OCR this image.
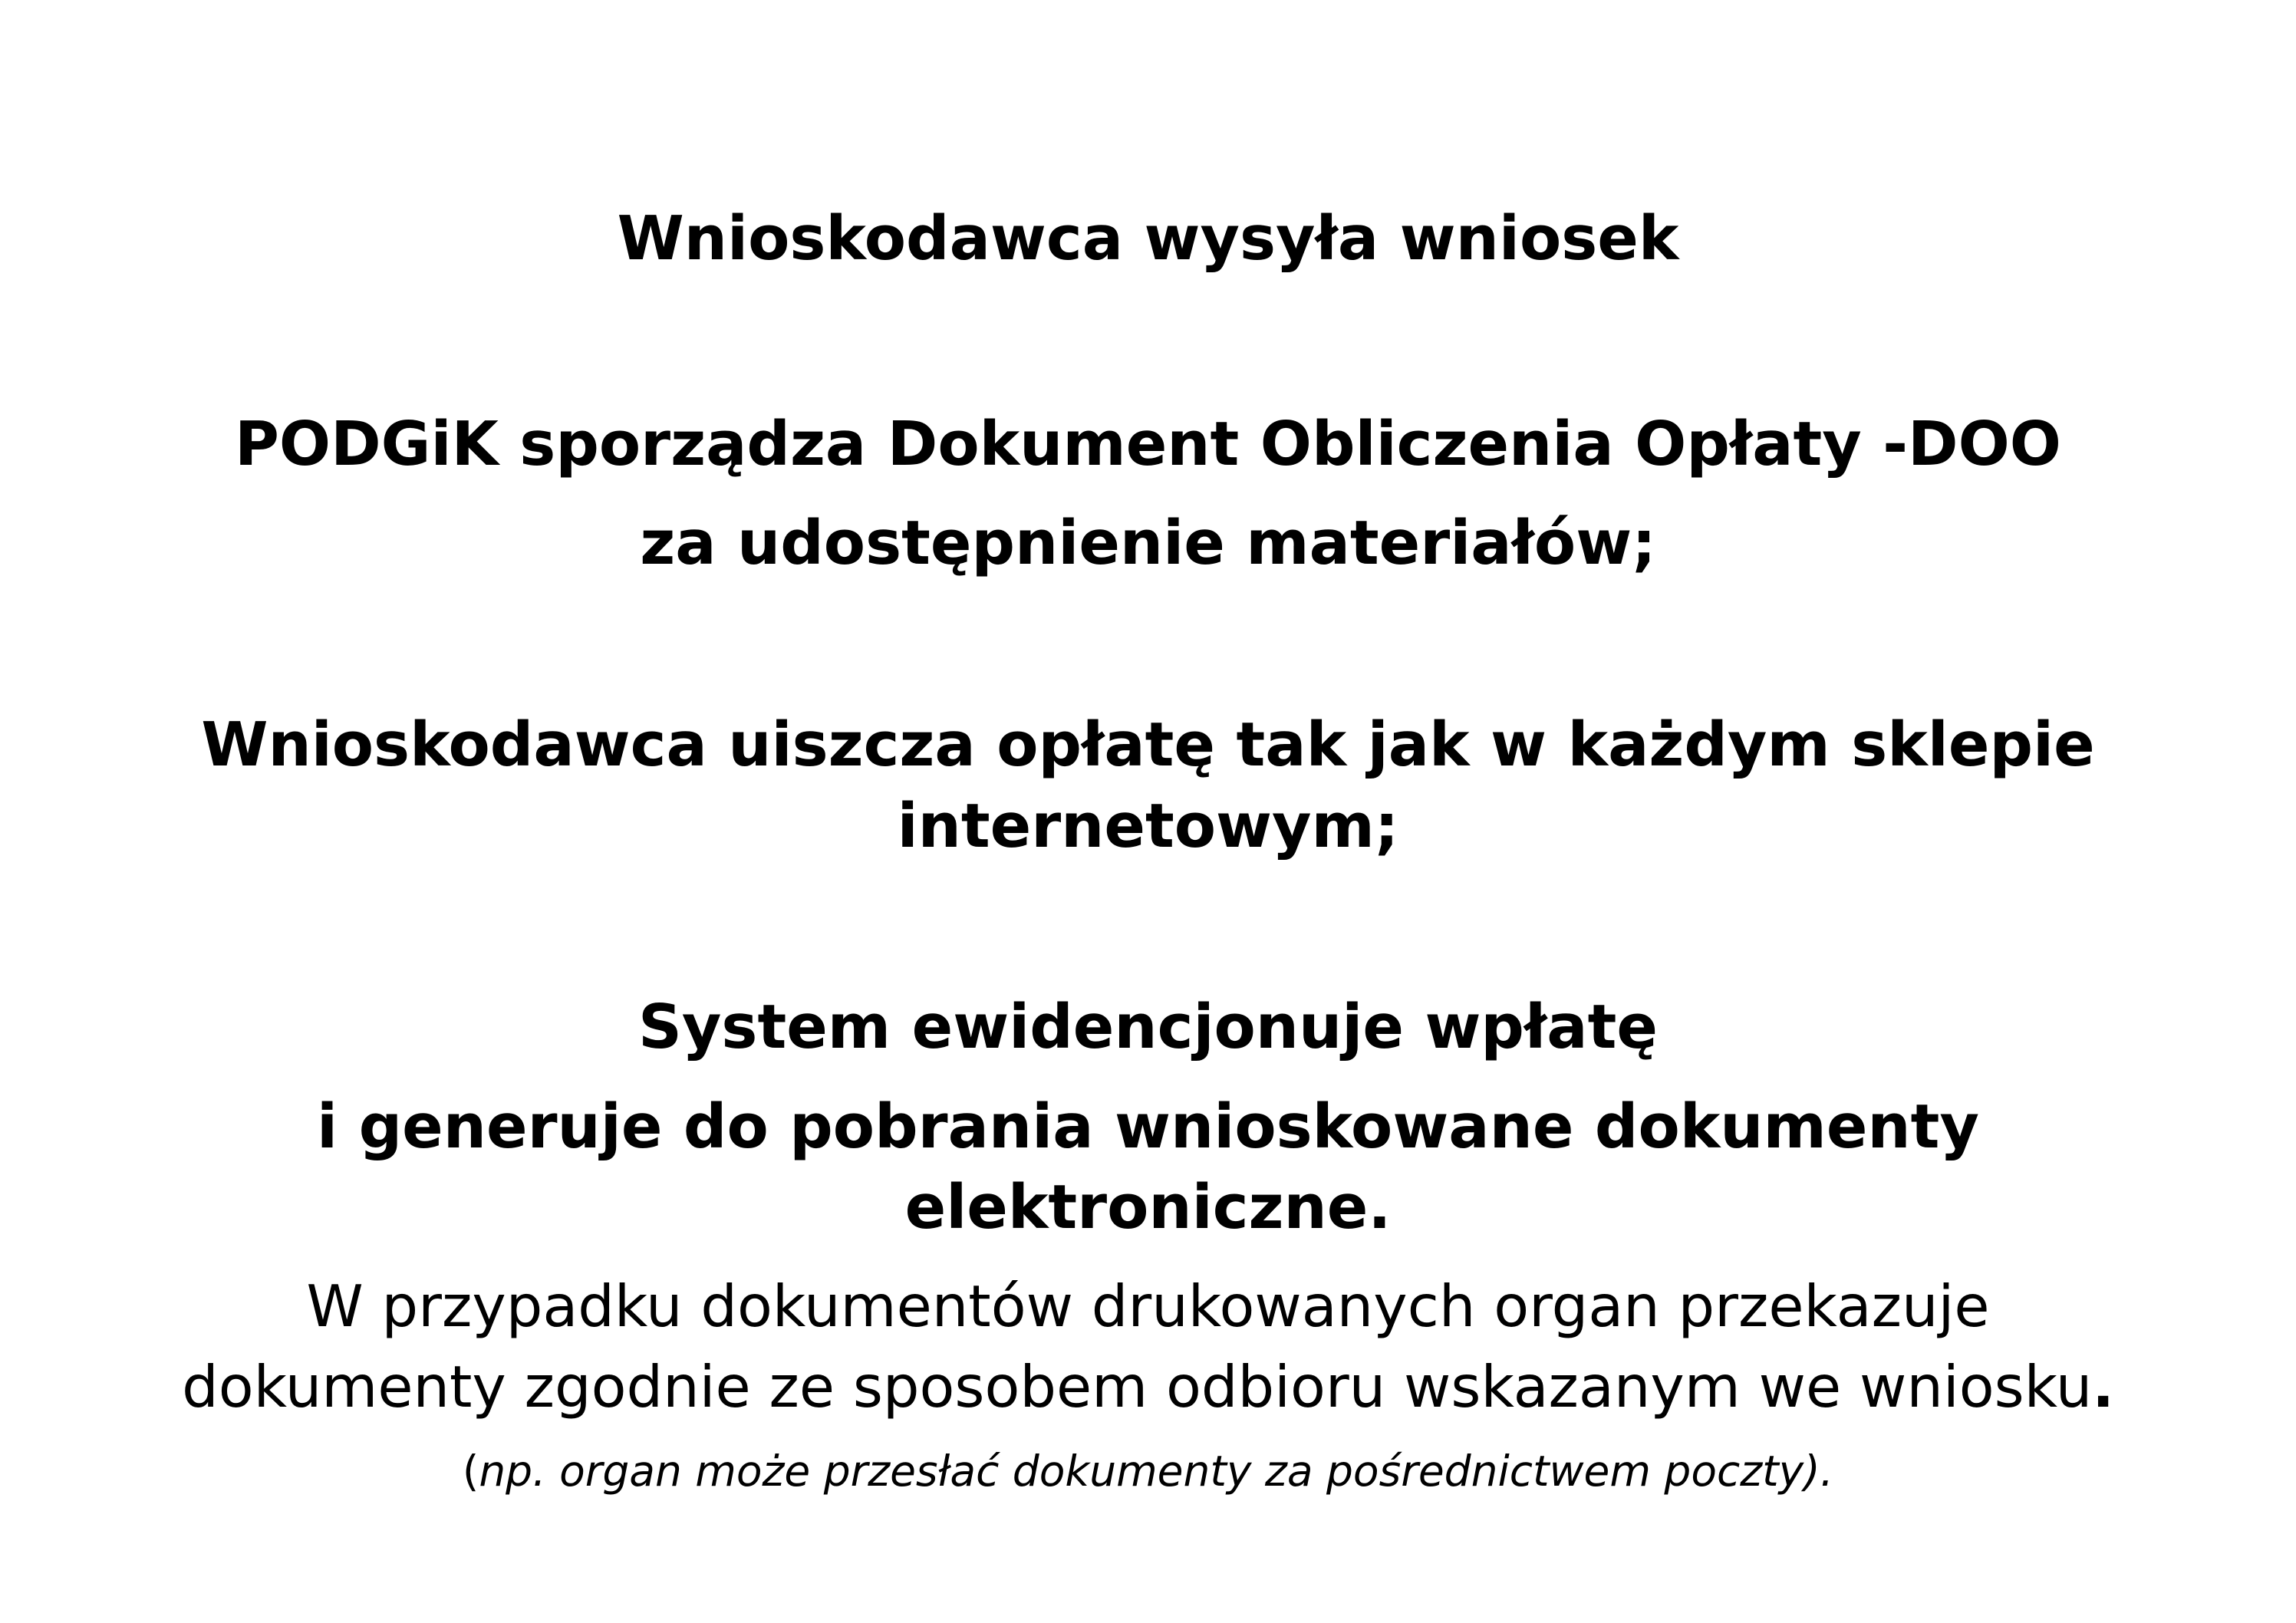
Wnioskodawca wysyła wniosek
PODGiK sporządza Dokument Obliczenia Opłaty -DOO
za udostępnienie materiałów;
Wnioskodawca uiszcza opłatę tak jak w każdym sklepie
internetowym;
System ewidencjonuje wpłatę
i generuje do pobrania wnioskowane dokumenty
elektroniczne.
W przypadku dokumentów drukowanych organ przekazuje
dokumenty zgodnie ze sposobem odbioru wskazanym we wniosku.
(np. organ może przesłać dokumenty za pośrednictwem poczty).
